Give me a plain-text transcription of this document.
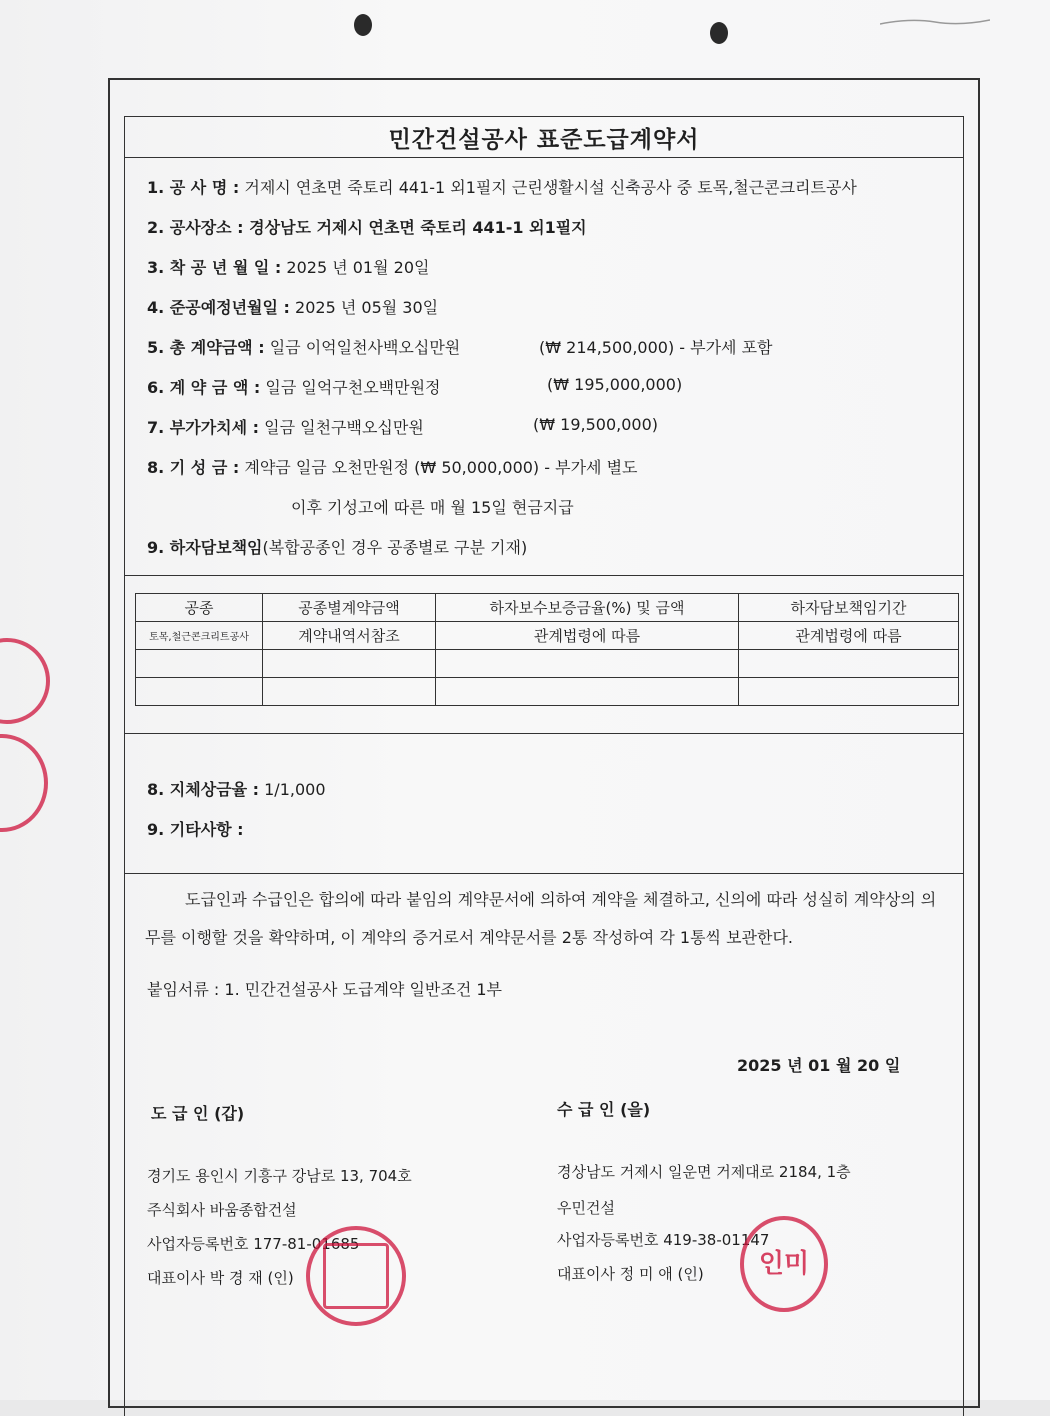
민간건설공사 표준도급계약서
1. 공 사 명 : 거제시 연초면 죽토리 441-1 외1필지 근린생활시설 신축공사 중 토목,철근콘크리트공사
2. 공사장소 : 경상남도 거제시 연초면 죽토리 441-1 외1필지
3. 착 공 년 월 일 : 2025 년 01월 20일
4. 준공예정년월일 : 2025 년 05월 30일
5. 총 계약금액 : 일금 이억일천사백오십만원	(₩ 214,500,000) - 부가세 포함
6. 계 약 금 액 : 일금 일억구천오백만원정	(₩ 195,000,000)
7. 부가가치세 : 일금 일천구백오십만원	(₩ 19,500,000)
8. 기 성 금 : 계약금 일금 오천만원정 (₩ 50,000,000) - 부가세 별도
이후 기성고에 따른 매 월 15일 현금지급
9. 하자담보책임(복합공종인 경우 공종별로 구분 기재)
공종	공종별계약금액	하자보수보증금율(%) 및 금액	하자담보책임기간
토목,철근콘크리트공사	계약내역서참조	관계법령에 따름	관계법령에 따름

8. 지체상금율 : 1/1,000
9. 기타사항 :
도급인과 수급인은 합의에 따라 붙임의 계약문서에 의하여 계약을 체결하고, 신의에 따라 성실히 계약상의 의무를 이행할 것을 확약하며, 이 계약의 증거로서 계약문서를 2통 작성하여 각 1통씩 보관한다.
붙임서류 : 1. 민간건설공사 도급계약 일반조건 1부
2025 년 01 월 20 일
도 급 인 (갑)	수 급 인 (을)
경기도 용인시 기흥구 강남로 13, 704호
주식회사 바움종합건설
사업자등록번호 177-81-01685
대표이사 박 경 재 (인)
경상남도 거제시 일운면 거제대로 2184, 1층
우민건설
사업자등록번호 419-38-01147
대표이사 정 미 애 (인) 인미
